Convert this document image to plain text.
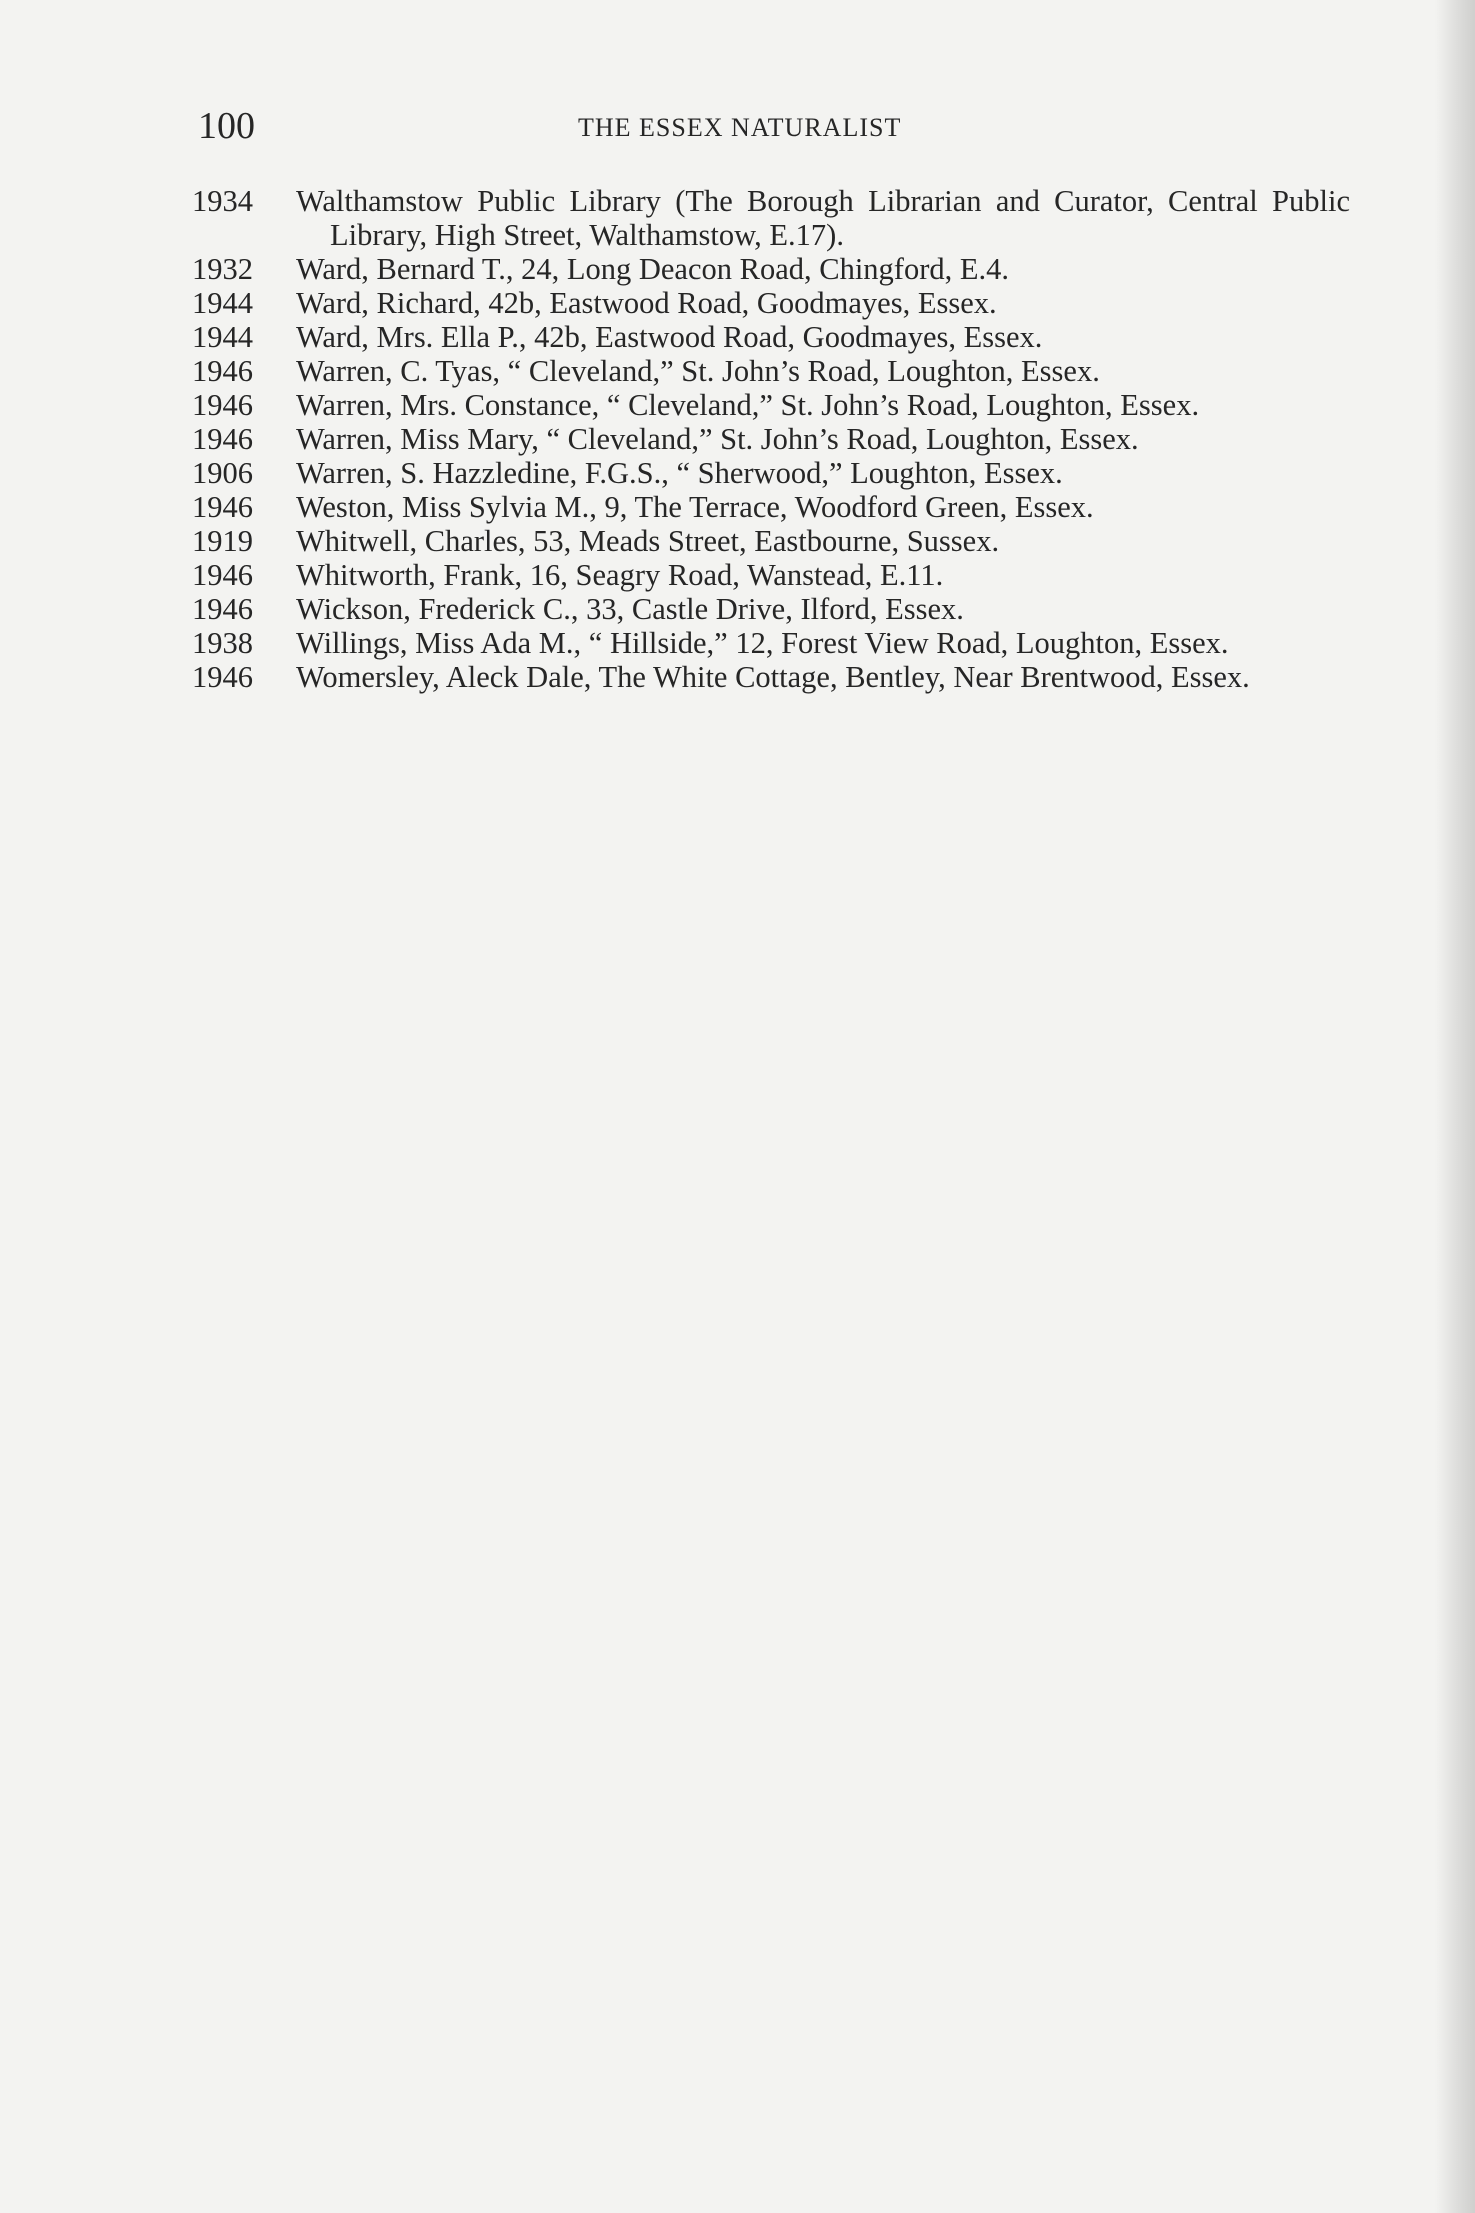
100	THE ESSEX NATURALIST
1934	Walthamstow Public Library (The Borough Librarian and Curator, Central Public Library, High Street, Walthamstow, E.17).
1932	Ward, Bernard T., 24, Long Deacon Road, Chingford, E.4.
1944	Ward, Richard, 42b, Eastwood Road, Goodmayes, Essex.
1944	Ward, Mrs. Ella P., 42b, Eastwood Road, Goodmayes, Essex.
1946	Warren, C. Tyas, “ Cleveland,” St. John’s Road, Loughton, Essex.
1946	Warren, Mrs. Constance, “ Cleveland,” St. John’s Road, Loughton, Essex.
1946	Warren, Miss Mary, “ Cleveland,” St. John’s Road, Loughton, Essex.
1906	Warren, S. Hazzledine, F.G.S., “ Sherwood,” Loughton, Essex.
1946	Weston, Miss Sylvia M., 9, The Terrace, Woodford Green, Essex.
1919	Whitwell, Charles, 53, Meads Street, Eastbourne, Sussex.
1946	Whitworth, Frank, 16, Seagry Road, Wanstead, E.11.
1946	Wickson, Frederick C., 33, Castle Drive, Ilford, Essex.
1938	Willings, Miss Ada M., “ Hillside,” 12, Forest View Road, Loughton, Essex.
1946	Womersley, Aleck Dale, The White Cottage, Bentley, Near Brentwood, Essex.
